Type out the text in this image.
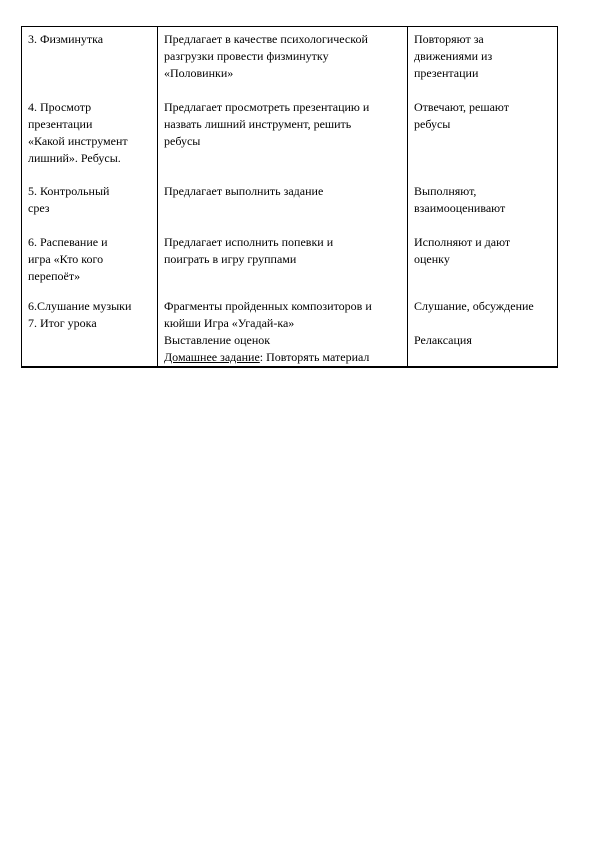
3. Физминутка	Предлагает в качестве психологической
разгрузки провести физминутку
«Половинки»	Повторяют за
движениями из
презентации

4. Просмотр
презентации
«Какой инструмент
лишний». Ребусы.	Предлагает просмотреть презентацию и
назвать лишний инструмент, решить
ребусы	Отвечают, решают
ребусы

5. Контрольный
срез	Предлагает выполнить задание	Выполняют,
взаимооценивают

6. Распевание и
игра «Кто кого
перепоёт»	Предлагает исполнить попевки и
поиграть в игру группами	Исполняют и дают
оценку

6.Слушание музыки
7. Итог урока	Фрагменты пройденных композиторов и
кюйши Игра «Угадай-ка»
Выставление оценок
Домашнее задание: Повторять материал	Слушание, обсуждение
Релаксация
